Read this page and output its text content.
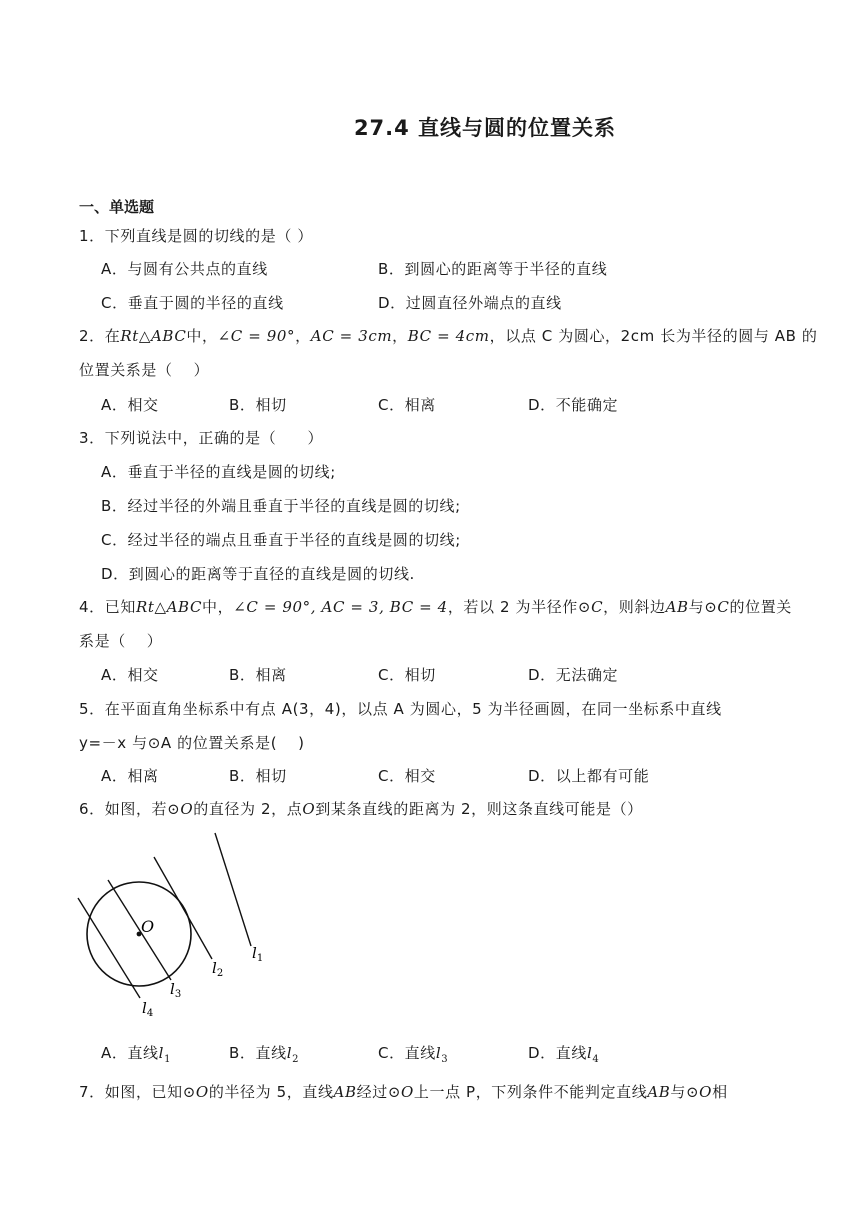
27.4 直线与圆的位置关系
一、单选题
1．下列直线是圆的切线的是（ ）
A．与圆有公共点的直线	B．到圆心的距离等于半径的直线
C．垂直于圆的半径的直线	D．过圆直径外端点的直线
2．在Rt△ABC中，∠C = 90°，AC = 3cm，BC = 4cm，以点 C 为圆心，2cm 长为半径的圆与 AB 的
位置关系是（　 ）
A．相交	B．相切	C．相离	D．不能确定
3．下列说法中，正确的是（　　）
A．垂直于半径的直线是圆的切线;
B．经过半径的外端且垂直于半径的直线是圆的切线;
C．经过半径的端点且垂直于半径的直线是圆的切线;
D．到圆心的距离等于直径的直线是圆的切线.
4．已知Rt△ABC中，∠C = 90°, AC = 3, BC = 4，若以 2 为半径作⊙C，则斜边AB与⊙C的位置关
系是（　 ）
A．相交	B．相离	C．相切	D．无法确定
5．在平面直角坐标系中有点 A(3，4)，以点 A 为圆心，5 为半径画圆，在同一坐标系中直线
y=－x 与⊙A 的位置关系是(　 )
A．相离	B．相切	C．相交	D．以上都有可能
6．如图，若⊙O的直径为 2，点O到某条直线的距离为 2，则这条直线可能是（）
O
$l_1$
$l_2$
$l_3$
$l_4$
A．直线$l_1$	B．直线$l_2$	C．直线$l_3$	D．直线$l_4$
7．如图，已知⊙O的半径为 5，直线AB经过⊙O上一点 P，下列条件不能判定直线AB与⊙O相
